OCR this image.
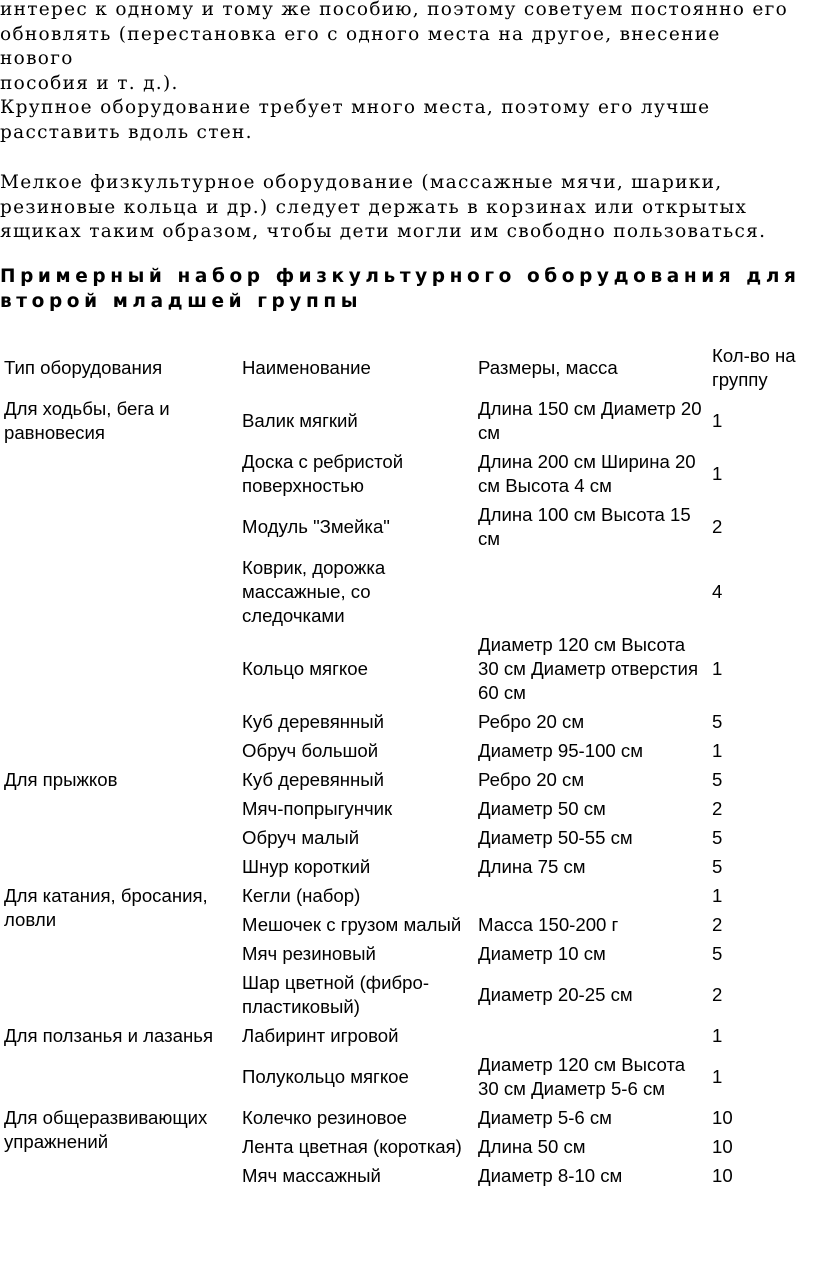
интерес к одному и тому же пособию, поэтому советуем постоянно его
обновлять (перестановка его с одного места на другое, внесение нового
пособия и т. д.).

Крупное оборудование требует много места, поэтому его лучше
расставить вдоль стен.

Мелкое физкультурное оборудование (массажные мячи, шарики,
резиновые кольца и др.) следует держать в корзинах или открытых
ящиках таким образом, чтобы дети могли им свободно пользоваться.

Примерный набор физкультурного оборудования для
второй младшей группы

Тип оборудования	Наименование	Размеры, масса	Кол-во на группу
Для ходьбы, бега и равновесия	Валик мягкий	Длина 150 см Диаметр 20 см	1
	Доска с ребристой поверхностью	Длина 200 см Ширина 20 см Высота 4 см	1
	Модуль "Змейка"	Длина 100 см Высота 15 см	2
	Коврик, дорожка массажные, со следочками		4
	Кольцо мягкое	Диаметр 120 см Высота 30 см Диаметр отверстия 60 см	1
	Куб деревянный	Ребро 20 см	5
	Обруч большой	Диаметр 95-100 см	1
Для прыжков	Куб деревянный	Ребро 20 см	5
	Мяч-попрыгунчик	Диаметр 50 см	2
	Обруч малый	Диаметр 50-55 см	5
	Шнур короткий	Длина 75 см	5
Для катания, бросания, ловли	Кегли (набор)		1
	Мешочек с грузом малый	Масса 150-200 г	2
	Мяч резиновый	Диаметр 10 см	5
	Шар цветной (фибро-пластиковый)	Диаметр 20-25 см	2
Для ползанья и лазанья	Лабиринт игровой		1
	Полукольцо мягкое	Диаметр 120 см Высота 30 см Диаметр 5-6 см	1
Для общеразвивающих упражнений	Колечко резиновое	Диаметр 5-6 см	10
	Лента цветная (короткая)	Длина 50 см	10
	Мяч массажный	Диаметр 8-10 см	10
